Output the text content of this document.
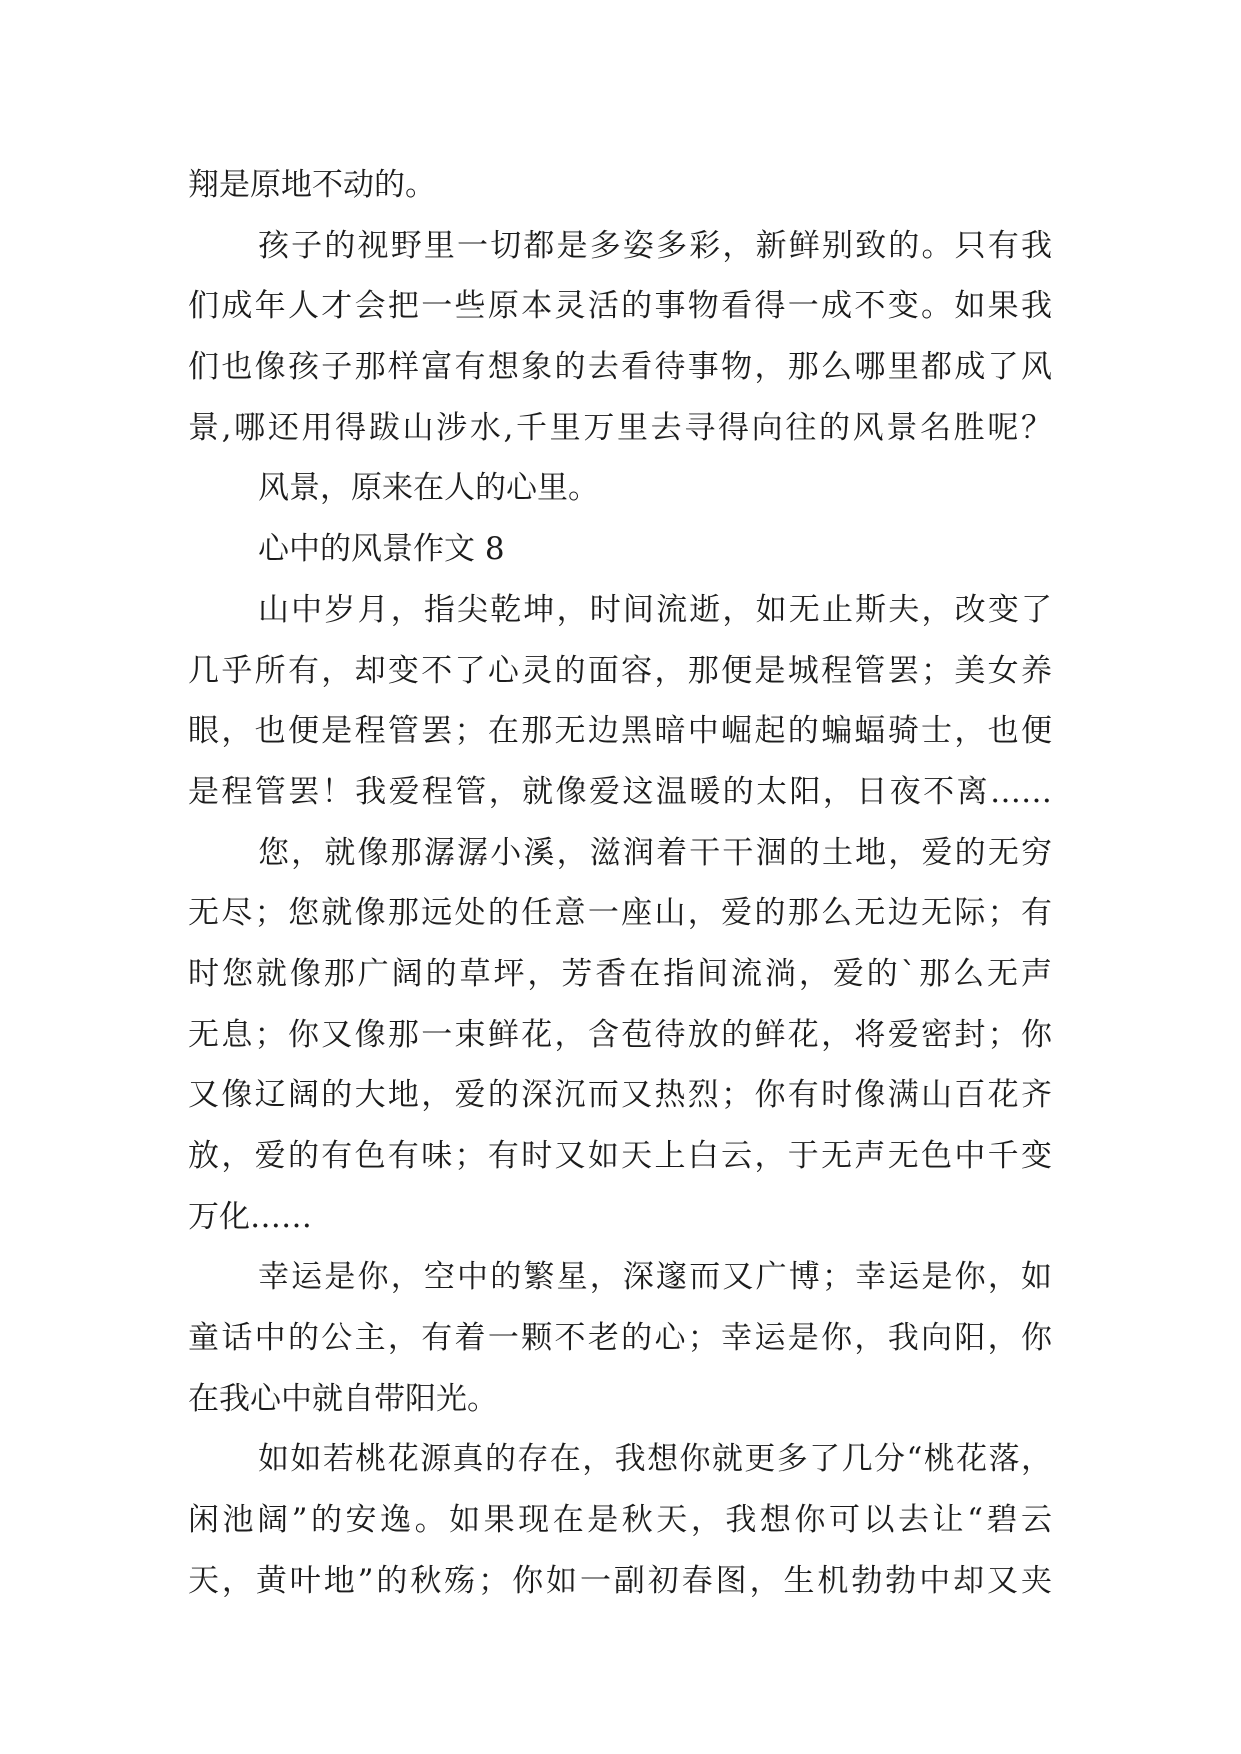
翔是原地不动的。
孩子的视野里一切都是多姿多彩，新鲜别致的。只有我
们成年人才会把一些原本灵活的事物看得一成不变。如果我
们也像孩子那样富有想象的去看待事物，那么哪里都成了风
景,哪还用得跋山涉水,千里万里去寻得向往的风景名胜呢？
风景，原来在人的心里。
心中的风景作文 8
山中岁月，指尖乾坤，时间流逝，如无止斯夫，改变了
几乎所有，却变不了心灵的面容，那便是城程管罢；美女养
眼，也便是程管罢；在那无边黑暗中崛起的蝙蝠骑士，也便
是程管罢！我爱程管，就像爱这温暖的太阳，日夜不离……
您，就像那潺潺小溪，滋润着干干涸的土地，爱的无穷
无尽；您就像那远处的任意一座山，爱的那么无边无际；有
时您就像那广阔的草坪，芳香在指间流淌，爱的`那么无声
无息；你又像那一束鲜花，含苞待放的鲜花，将爱密封；你
又像辽阔的大地，爱的深沉而又热烈；你有时像满山百花齐
放，爱的有色有味；有时又如天上白云，于无声无色中千变
万化……
幸运是你，空中的繁星，深邃而又广博；幸运是你，如
童话中的公主，有着一颗不老的心；幸运是你，我向阳，你
在我心中就自带阳光。
如如若桃花源真的存在，我想你就更多了几分“桃花落，
闲池阔”的安逸。如果现在是秋天，我想你可以去让“碧云
天，黄叶地”的秋殇；你如一副初春图，生机勃勃中却又夹
